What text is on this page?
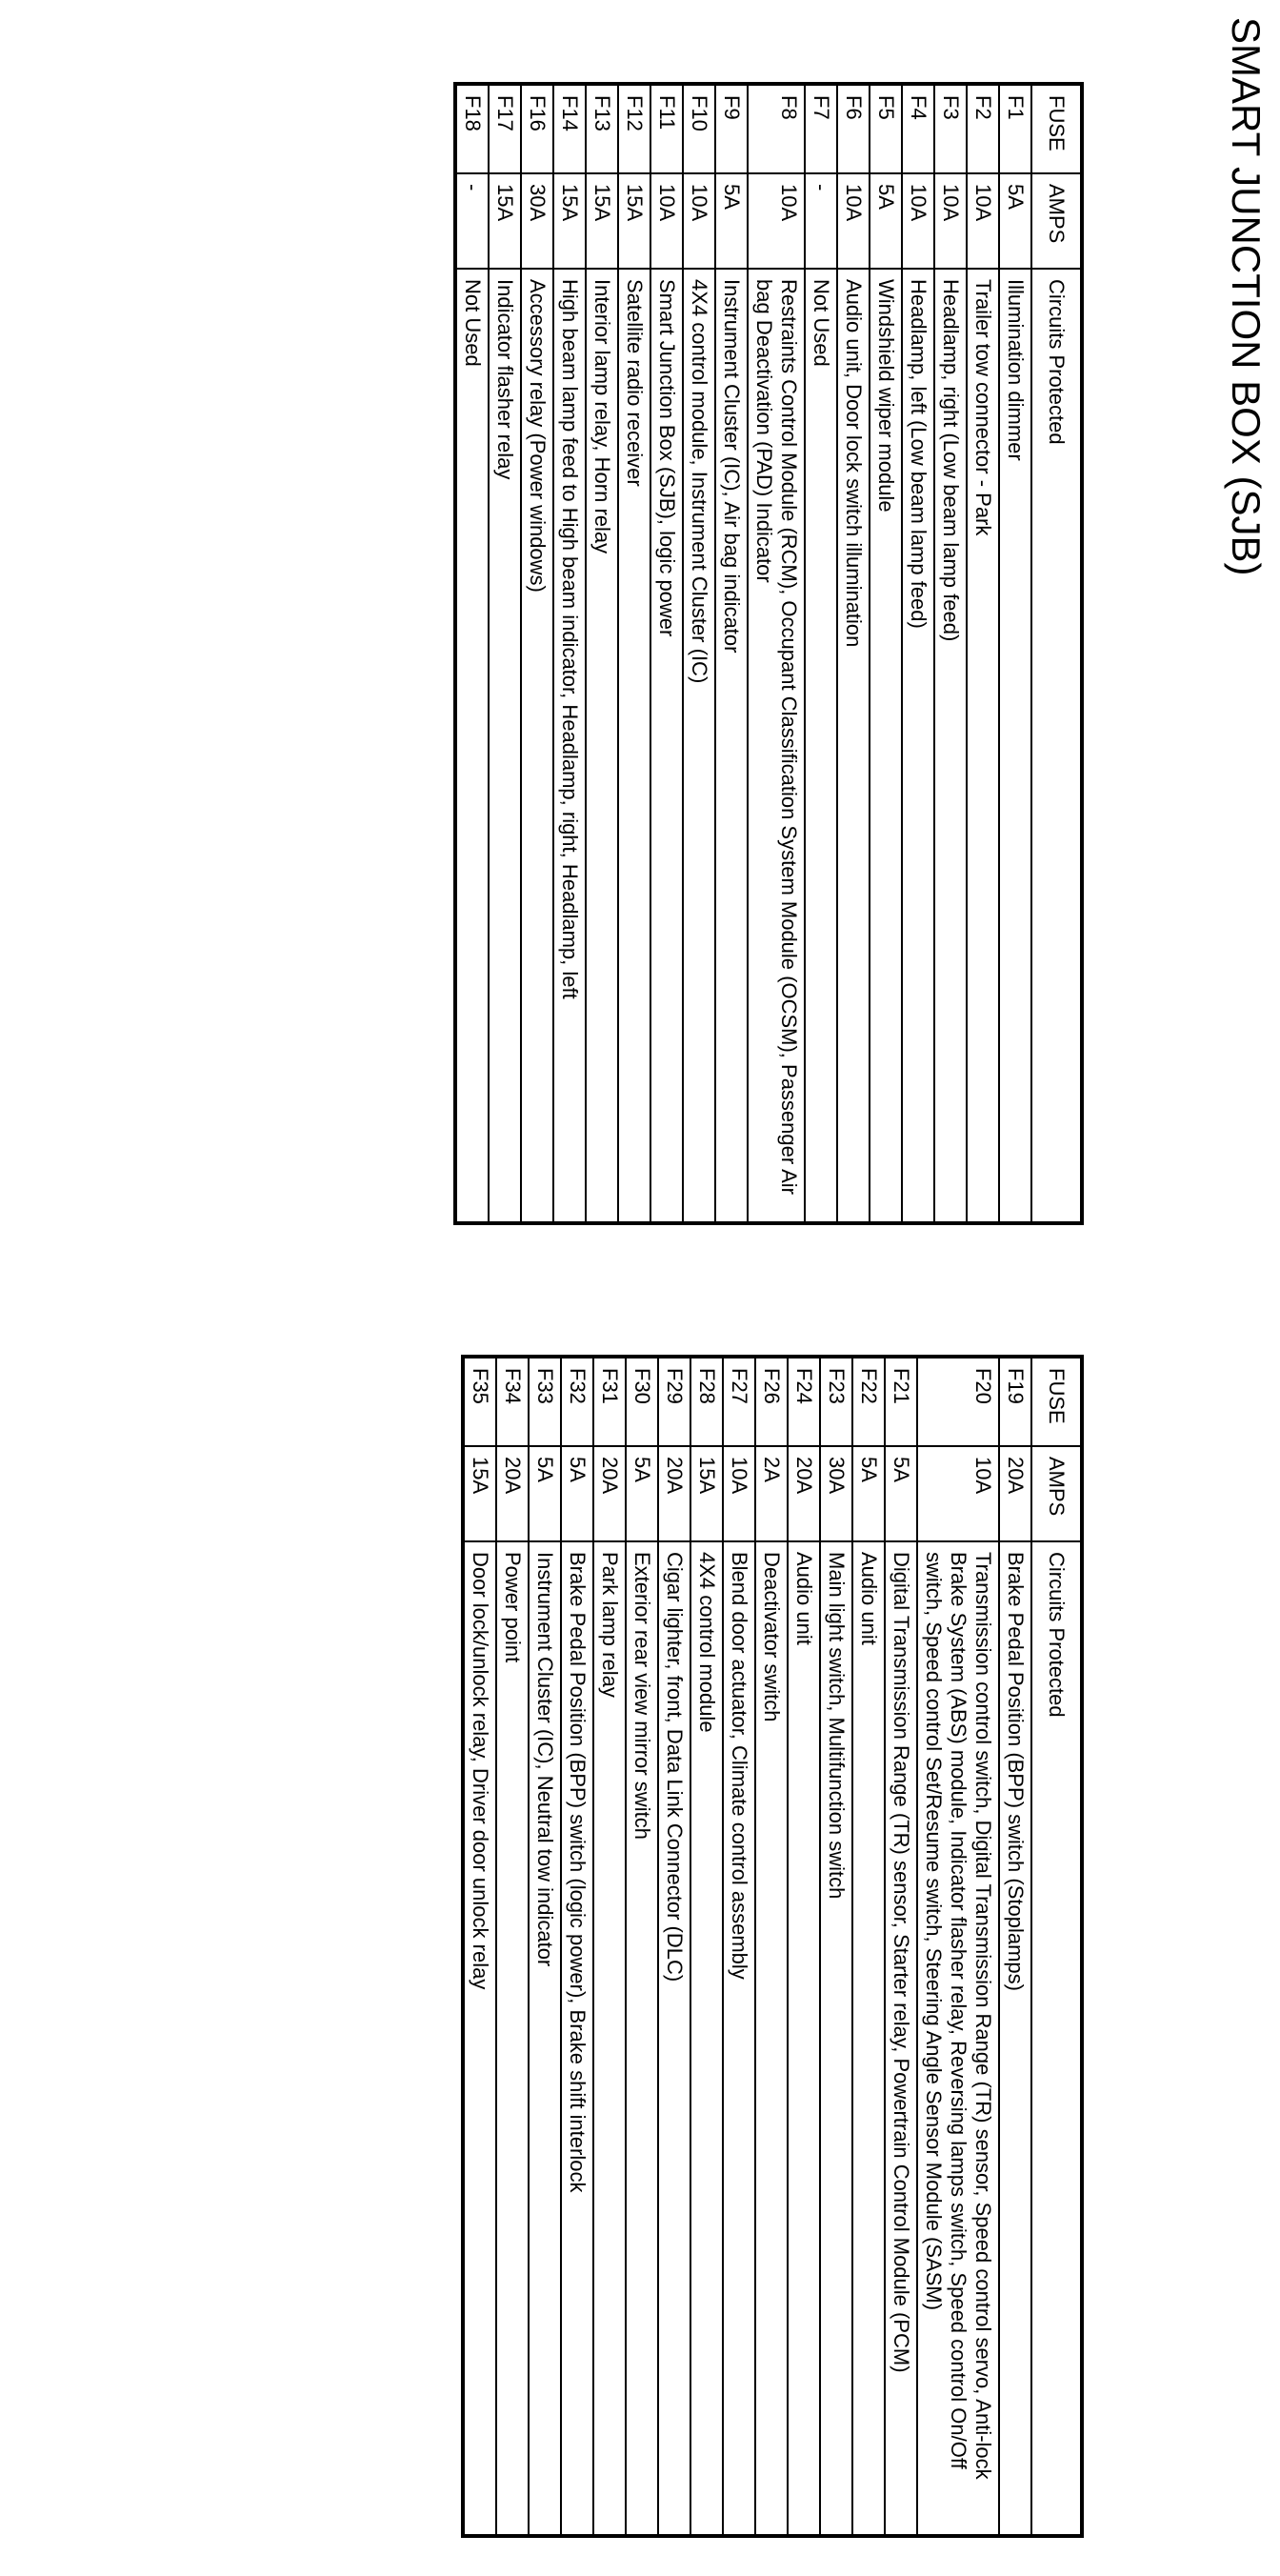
SMART JUNCTION BOX (SJB)
FUSE	AMPS	Circuits Protected
F1	5A	Illumination dimmer
F2	10A	Trailer tow connector - Park
F3	10A	Headlamp, right (Low beam lamp feed)
F4	10A	Headlamp, left (Low beam lamp feed)
F5	5A	Windshield wiper module
F6	10A	Audio unit, Door lock switch illumination
F7	-	Not Used
F8	10A	Restraints Control Module (RCM), Occupant Classification System Module (OCSM), Passenger Air bag Deactivation (PAD) Indicator
F9	5A	Instrument Cluster (IC), Air bag indicator
F10	10A	4X4 control module, Instrument Cluster (IC)
F11	10A	Smart Junction Box (SJB), logic power
F12	15A	Satellite radio receiver
F13	15A	Interior lamp relay, Horn relay
F14	15A	High beam lamp feed to High beam indicator, Headlamp, right, Headlamp, left
F16	30A	Accessory relay (Power windows)
F17	15A	Indicator flasher relay
F18	-	Not Used
FUSE	AMPS	Circuits Protected
F19	20A	Brake Pedal Position (BPP) switch (Stoplamps)
F20	10A	Transmission control switch, Digital Transmission Range (TR) sensor, Speed control servo, Anti-lock Brake System (ABS) module, Indicator flasher relay, Reversing lamps switch, Speed control On/Off switch, Speed control Set/Resume switch, Steering Angle Sensor Module (SASM)
F21	5A	Digital Transmission Range (TR) sensor, Starter relay, Powertrain Control Module (PCM)
F22	5A	Audio unit
F23	30A	Main light switch, Multifunction switch
F24	20A	Audio unit
F26	2A	Deactivator switch
F27	10A	Blend door actuator, Climate control assembly
F28	15A	4X4 control module
F29	20A	Cigar lighter, front, Data Link Connector (DLC)
F30	5A	Exterior rear view mirror switch
F31	20A	Park lamp relay
F32	5A	Brake Pedal Position (BPP) switch (logic power), Brake shift interlock
F33	5A	Instrument Cluster (IC), Neutral tow indicator
F34	20A	Power point
F35	15A	Door lock/unlock relay, Driver door unlock relay
